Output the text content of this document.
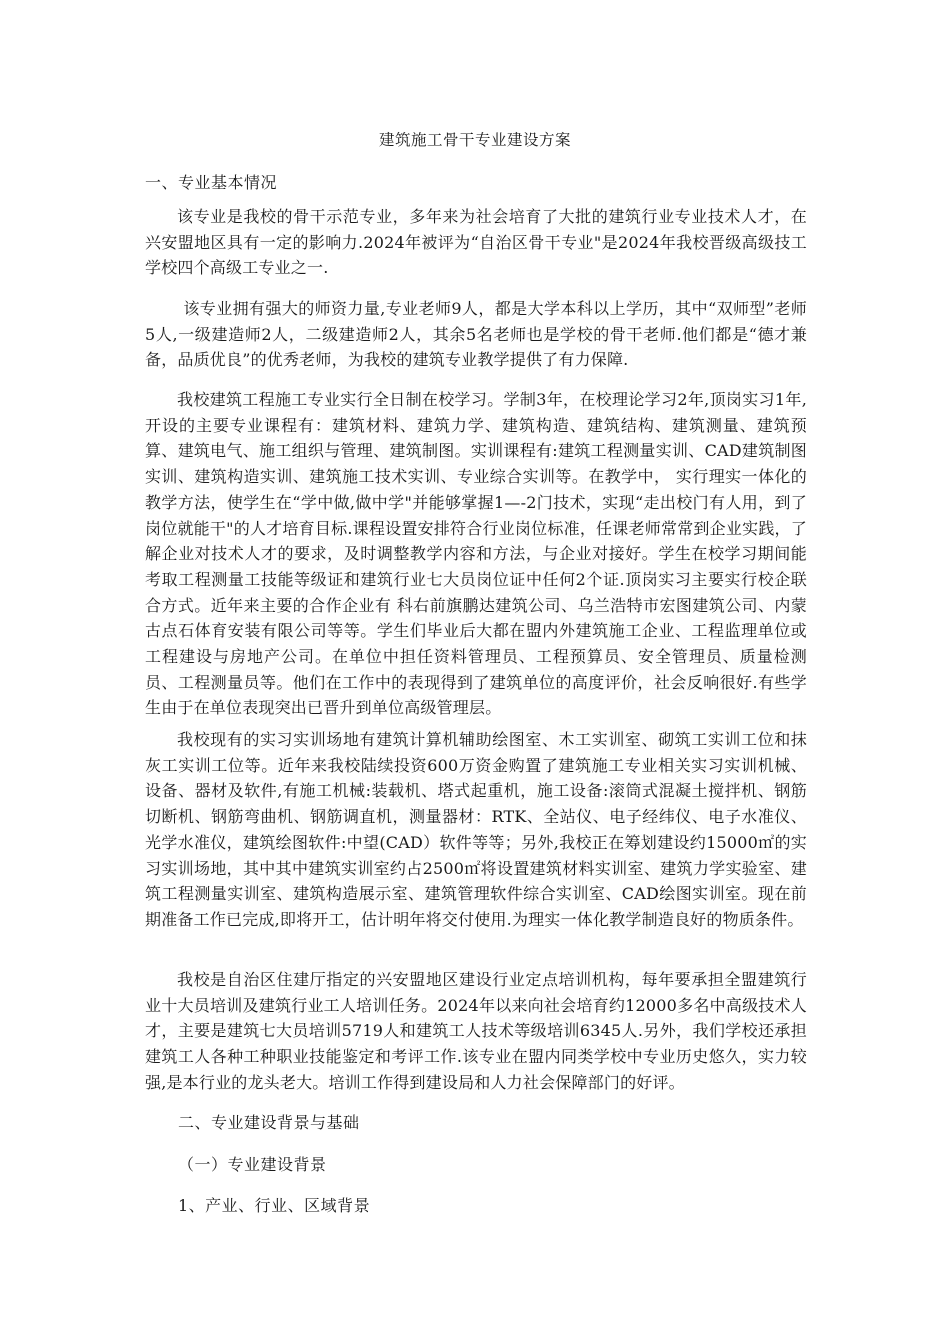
建筑施工骨干专业建设方案
一、专业基本情况
该专业是我校的骨干示范专业，多年来为社会培育了大批的建筑行业专业技术人才，在兴安盟地区具有一定的影响力.2024年被评为“自治区骨干专业"是2024年我校晋级高级技工学校四个高级工专业之一.
该专业拥有强大的师资力量,专业老师9人，都是大学本科以上学历，其中“双师型”老师5人,一级建造师2人，二级建造师2人，其余5名老师也是学校的骨干老师.他们都是“德才兼备，品质优良”的优秀老师，为我校的建筑专业教学提供了有力保障.
我校建筑工程施工专业实行全日制在校学习。学制3年，在校理论学习2年,顶岗实习1年,开设的主要专业课程有：建筑材料、建筑力学、建筑构造、建筑结构、建筑测量、建筑预算、建筑电气、施工组织与管理、建筑制图。实训课程有:建筑工程测量实训、CAD建筑制图实训、建筑构造实训、建筑施工技术实训、专业综合实训等。在教学中， 实行理实一体化的教学方法，使学生在“学中做,做中学"并能够掌握1—-2门技术，实现“走出校门有人用，到了岗位就能干"的人才培育目标.课程设置安排符合行业岗位标准，任课老师常常到企业实践，了解企业对技术人才的要求，及时调整教学内容和方法，与企业对接好。学生在校学习期间能考取工程测量工技能等级证和建筑行业七大员岗位证中任何2个证.顶岗实习主要实行校企联合方式。近年来主要的合作企业有 科右前旗鹏达建筑公司、乌兰浩特市宏图建筑公司、内蒙古点石体育安装有限公司等等。学生们毕业后大都在盟内外建筑施工企业、工程监理单位或工程建设与房地产公司。在单位中担任资料管理员、工程预算员、安全管理员、质量检测员、工程测量员等。他们在工作中的表现得到了建筑单位的高度评价，社会反响很好.有些学生由于在单位表现突出已晋升到单位高级管理层。
我校现有的实习实训场地有建筑计算机辅助绘图室、木工实训室、砌筑工实训工位和抹灰工实训工位等。近年来我校陆续投资600万资金购置了建筑施工专业相关实习实训机械、设备、器材及软件,有施工机械:装载机、塔式起重机，施工设备:滚筒式混凝土搅拌机、钢筋切断机、钢筋弯曲机、钢筋调直机，测量器材：RTK、全站仪、电子经纬仪、电子水准仪、光学水准仪，建筑绘图软件:中望(CAD）软件等等；另外,我校正在筹划建设约15000㎡的实习实训场地，其中其中建筑实训室约占2500㎡将设置建筑材料实训室、建筑力学实验室、建筑工程测量实训室、建筑构造展示室、建筑管理软件综合实训室、CAD绘图实训室。现在前期准备工作已完成,即将开工，估计明年将交付使用.为理实一体化教学制造良好的物质条件。
我校是自治区住建厅指定的兴安盟地区建设行业定点培训机构，每年要承担全盟建筑行业十大员培训及建筑行业工人培训任务。2024年以来向社会培育约12000多名中高级技术人才，主要是建筑七大员培训5719人和建筑工人技术等级培训6345人.另外，我们学校还承担建筑工人各种工种职业技能鉴定和考评工作.该专业在盟内同类学校中专业历史悠久，实力较强,是本行业的龙头老大。培训工作得到建设局和人力社会保障部门的好评。
二、专业建设背景与基础
（一）专业建设背景
1、产业、行业、区域背景
